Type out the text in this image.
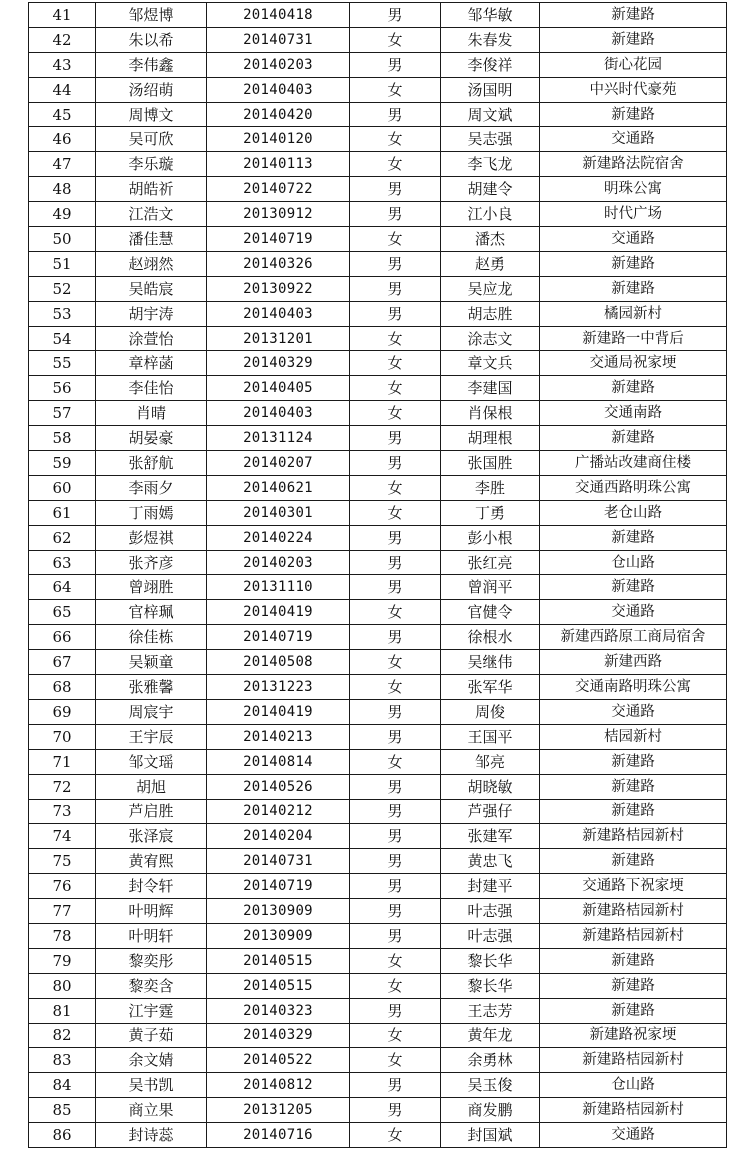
41	邹煜博	20140418	男	邹华敏	新建路
42	朱以希	20140731	女	朱春发	新建路
43	李伟鑫	20140203	男	李俊祥	街心花园
44	汤绍萌	20140403	女	汤国明	中兴时代豪苑
45	周博文	20140420	男	周文斌	新建路
46	吴可欣	20140120	女	吴志强	交通路
47	李乐璇	20140113	女	李飞龙	新建路法院宿舍
48	胡皓祈	20140722	男	胡建令	明珠公寓
49	江浩文	20130912	男	江小良	时代广场
50	潘佳慧	20140719	女	潘杰	交通路
51	赵翊然	20140326	男	赵勇	新建路
52	吴皓宸	20130922	男	吴应龙	新建路
53	胡宇涛	20140403	男	胡志胜	橘园新村
54	涂萱怡	20131201	女	涂志文	新建路一中背后
55	章梓菡	20140329	女	章文兵	交通局祝家埂
56	李佳怡	20140405	女	李建国	新建路
57	肖晴	20140403	女	肖保根	交通南路
58	胡晏豪	20131124	男	胡理根	新建路
59	张舒航	20140207	男	张国胜	广播站改建商住楼
60	李雨夕	20140621	女	李胜	交通西路明珠公寓
61	丁雨嫣	20140301	女	丁勇	老仓山路
62	彭煜祺	20140224	男	彭小根	新建路
63	张齐彦	20140203	男	张红亮	仓山路
64	曾翊胜	20131110	男	曾润平	新建路
65	官梓珮	20140419	女	官健令	交通路
66	徐佳栋	20140719	男	徐根水	新建西路原工商局宿舍
67	吴颖童	20140508	女	吴继伟	新建西路
68	张雅馨	20131223	女	张军华	交通南路明珠公寓
69	周宸宇	20140419	男	周俊	交通路
70	王宇辰	20140213	男	王国平	桔园新村
71	邹文瑶	20140814	女	邹亮	新建路
72	胡旭	20140526	男	胡晓敏	新建路
73	芦启胜	20140212	男	芦强仔	新建路
74	张泽宸	20140204	男	张建军	新建路桔园新村
75	黄宥熙	20140731	男	黄忠飞	新建路
76	封令轩	20140719	男	封建平	交通路下祝家埂
77	叶明辉	20130909	男	叶志强	新建路桔园新村
78	叶明轩	20130909	男	叶志强	新建路桔园新村
79	黎奕彤	20140515	女	黎长华	新建路
80	黎奕含	20140515	女	黎长华	新建路
81	江宇霆	20140323	男	王志芳	新建路
82	黄子茹	20140329	女	黄年龙	新建路祝家埂
83	余文婧	20140522	女	余勇林	新建路桔园新村
84	吴书凯	20140812	男	吴玉俊	仓山路
85	商立果	20131205	男	商发鹏	新建路桔园新村
86	封诗蕊	20140716	女	封国斌	交通路
